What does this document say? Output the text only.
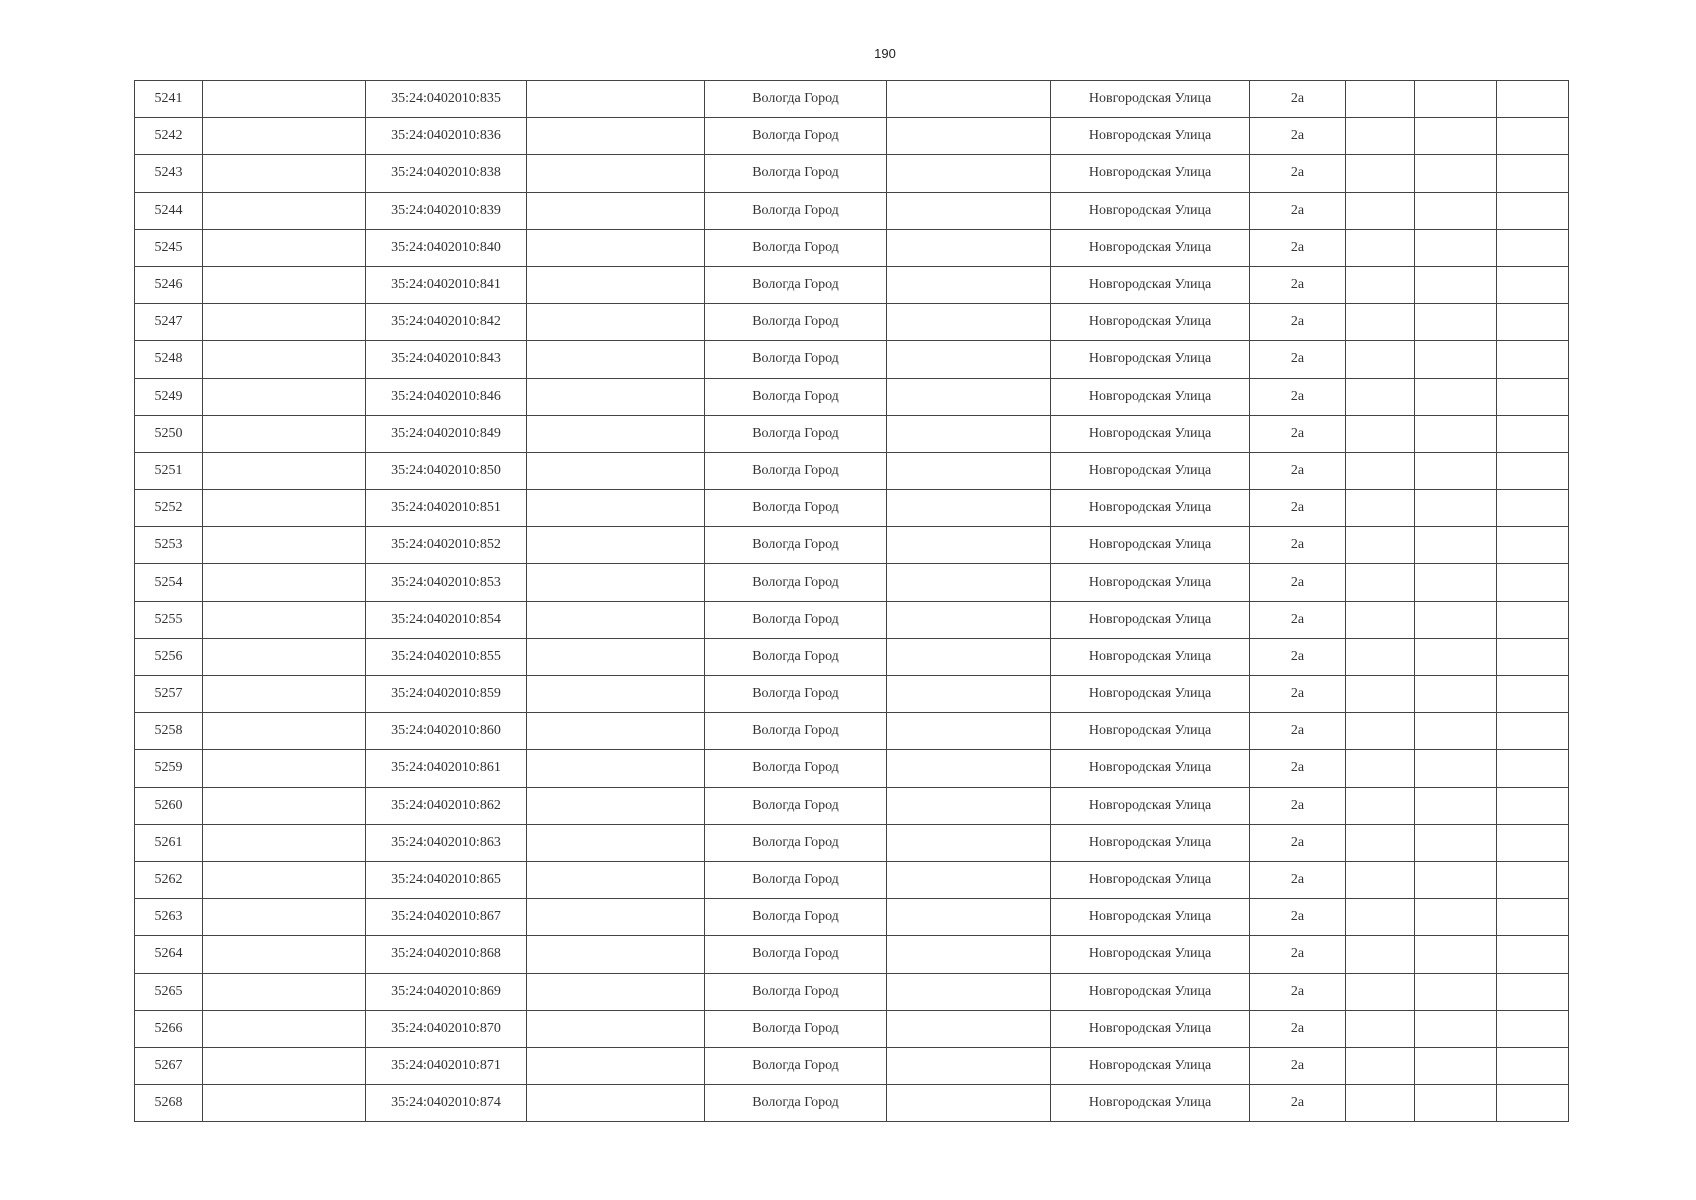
190
5241		35:24:0402010:835		Вологда Город		Новгородская Улица	2а			
5242		35:24:0402010:836		Вологда Город		Новгородская Улица	2а			
5243		35:24:0402010:838		Вологда Город		Новгородская Улица	2а			
5244		35:24:0402010:839		Вологда Город		Новгородская Улица	2а			
5245		35:24:0402010:840		Вологда Город		Новгородская Улица	2а			
5246		35:24:0402010:841		Вологда Город		Новгородская Улица	2а			
5247		35:24:0402010:842		Вологда Город		Новгородская Улица	2а			
5248		35:24:0402010:843		Вологда Город		Новгородская Улица	2а			
5249		35:24:0402010:846		Вологда Город		Новгородская Улица	2а			
5250		35:24:0402010:849		Вологда Город		Новгородская Улица	2а			
5251		35:24:0402010:850		Вологда Город		Новгородская Улица	2а			
5252		35:24:0402010:851		Вологда Город		Новгородская Улица	2а			
5253		35:24:0402010:852		Вологда Город		Новгородская Улица	2а			
5254		35:24:0402010:853		Вологда Город		Новгородская Улица	2а			
5255		35:24:0402010:854		Вологда Город		Новгородская Улица	2а			
5256		35:24:0402010:855		Вологда Город		Новгородская Улица	2а			
5257		35:24:0402010:859		Вологда Город		Новгородская Улица	2а			
5258		35:24:0402010:860		Вологда Город		Новгородская Улица	2а			
5259		35:24:0402010:861		Вологда Город		Новгородская Улица	2а			
5260		35:24:0402010:862		Вологда Город		Новгородская Улица	2а			
5261		35:24:0402010:863		Вологда Город		Новгородская Улица	2а			
5262		35:24:0402010:865		Вологда Город		Новгородская Улица	2а			
5263		35:24:0402010:867		Вологда Город		Новгородская Улица	2а			
5264		35:24:0402010:868		Вологда Город		Новгородская Улица	2а			
5265		35:24:0402010:869		Вологда Город		Новгородская Улица	2а			
5266		35:24:0402010:870		Вологда Город		Новгородская Улица	2а			
5267		35:24:0402010:871		Вологда Город		Новгородская Улица	2а			
5268		35:24:0402010:874		Вологда Город		Новгородская Улица	2а			
